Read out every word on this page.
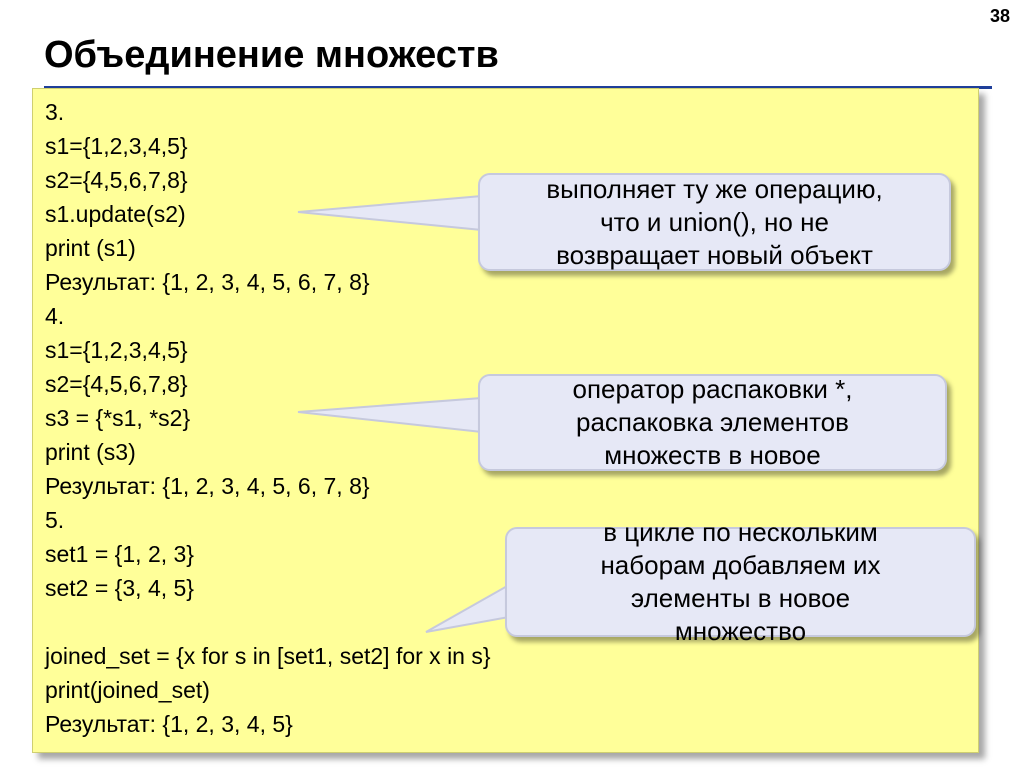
38
Объединение множеств
3.
s1={1,2,3,4,5}
s2={4,5,6,7,8}
s1.update(s2)
print (s1)
Результат: {1, 2, 3, 4, 5, 6, 7, 8}
4.
s1={1,2,3,4,5}
s2={4,5,6,7,8}
s3 = {*s1, *s2}
print (s3)
Результат: {1, 2, 3, 4, 5, 6, 7, 8}
5.
set1 = {1, 2, 3}
set2 = {3, 4, 5}
joined_set = {x for s in [set1, set2] for x in s}
print(joined_set)
Результат: {1, 2, 3, 4, 5}
выполняет ту же операцию,
что и union(), но не
возвращает новый объект
оператор распаковки *,
распаковка элементов
множеств в новое
в цикле по нескольким
наборам добавляем их
элементы в новое
множество
